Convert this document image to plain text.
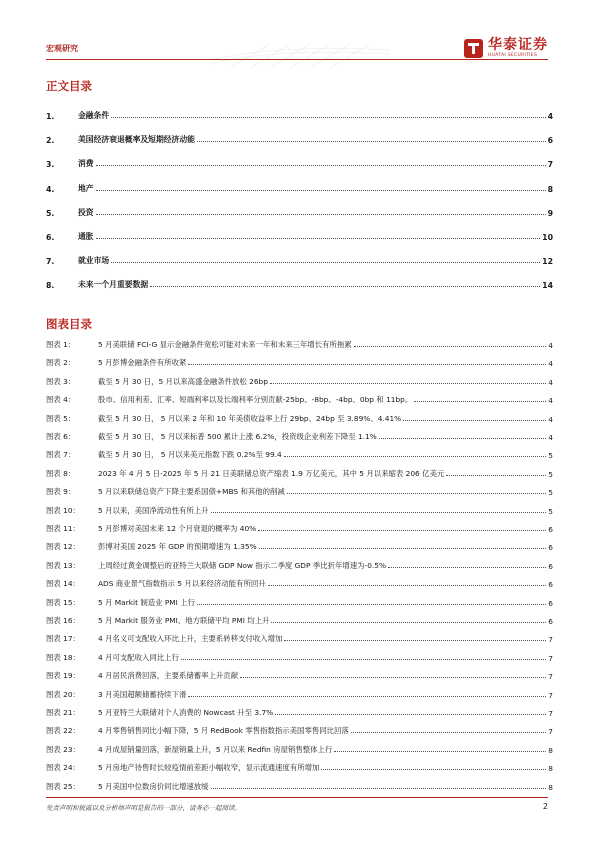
宏观研究	华泰证券
HUATAI SECURITIES
正文目录
1.	金融条件	4
2.	美国经济衰退概率及短期经济动能	6
3.	消费	7
4.	地产	8
5.	投资	9
6.	通胀	10
7.	就业市场	12
8.	未来一个月重要数据	14
图表目录
图表 1：	5 月美联储 FCI-G 显示金融条件宽松可能对未来一年和未来三年增长有所拖累	4
图表 2：	5 月彭博金融条件有所收紧	4
图表 3：	截至 5 月 30 日，5 月以来高盛金融条件放松 26bp	4
图表 4：	股市、信用利差、汇率、短端利率以及长端利率分别贡献-25bp、-8bp、-4bp、0bp 和 11bp。	4
图表 5：	截至 5 月 30 日， 5 月以来 2 年和 10 年美债收益率上行 29bp、24bp 至 3.89%、4.41%	4
图表 6：	截至 5 月 30 日， 5 月以来标普 500 累计上涨 6.2%，投资级企业利差下降至 1.1%	4
图表 7：	截至 5 月 30 日， 5 月以来美元指数下跌 0.2%至 99.4	5
图表 8：	2023 年 4 月 5 日-2025 年 5 月 21 日美联储总资产缩表 1.9 万亿美元，其中 5 月以来缩表 206 亿美元	5
图表 9：	5 月以来联储总资产下降主要系国债+MBS 和其他的削减	5
图表 10：	5 月以来，美国净流动性有所上升	5
图表 11：	5 月彭博对美国未来 12 个月衰退的概率为 40%	6
图表 12：	彭博对美国 2025 年 GDP 的预期增速为 1.35%	6
图表 13：	上周经过黄金调整后的亚特兰大联储 GDP Now 指示二季度 GDP 季比折年增速为-0.5%	6
图表 14：	ADS 商业景气指数指示 5 月以来经济动能有所回升	6
图表 15：	5 月 Markit 制造业 PMI 上行	6
图表 16：	5 月 Markit 服务业 PMI、地方联储平均 PMI 均上升	6
图表 17：	4 月名义可支配收入环比上升，主要系转移支付收入增加	7
图表 18：	4 月可支配收入同比上行	7
图表 19：	4 月居民消费回落，主要系储蓄率上升贡献	7
图表 20：	3 月美国超额储蓄持续下滑	7
图表 21：	5 月亚特兰大联储对个人消费的 Nowcast 升至 3.7%	7
图表 22：	4 月零售销售同比小幅下降，5 月 RedBook 零售指数指示美国零售同比回落	7
图表 23：	4 月成屋销量回落，新屋销量上升，5 月以来 Redfin 房屋销售整体上行	8
图表 24：	5 月房地产待售时长较疫情前差距小幅收窄，显示流通速度有所增加	8
图表 25：	5 月美国中位数房价同比增速放缓	8
免责声明和披露以及分析师声明是报告的一部分，请务必一起阅读。	2
